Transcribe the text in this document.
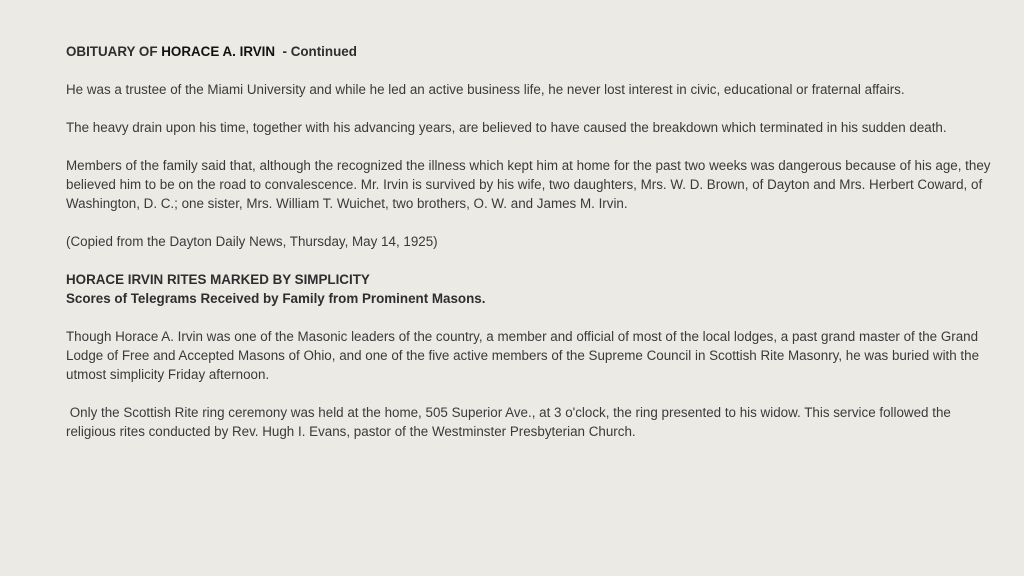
OBITUARY OF HORACE A. IRVIN  - Continued

He was a trustee of the Miami University and while he led an active business life, he never lost interest in civic, educational or fraternal affairs.

The heavy drain upon his time, together with his advancing years, are believed to have caused the breakdown which terminated in his sudden death.

Members of the family said that, although the recognized the illness which kept him at home for the past two weeks was dangerous because of his age, they believed him to be on the road to convalescence. Mr. Irvin is survived by his wife, two daughters, Mrs. W. D. Brown, of Dayton and Mrs. Herbert Coward, of Washington, D. C.; one sister, Mrs. William T. Wuichet, two brothers, O. W. and James M. Irvin.

(Copied from the Dayton Daily News, Thursday, May 14, 1925)

HORACE IRVIN RITES MARKED BY SIMPLICITY

Scores of Telegrams Received by Family from Prominent Masons.

Though Horace A. Irvin was one of the Masonic leaders of the country, a member and official of most of the local lodges, a past grand master of the Grand Lodge of Free and Accepted Masons of Ohio, and one of the five active members of the Supreme Council in Scottish Rite Masonry, he was buried with the utmost simplicity Friday afternoon.

Only the Scottish Rite ring ceremony was held at the home, 505 Superior Ave., at 3 o'clock, the ring presented to his widow. This service followed the religious rites conducted by Rev. Hugh I. Evans, pastor of the Westminster Presbyterian Church.
